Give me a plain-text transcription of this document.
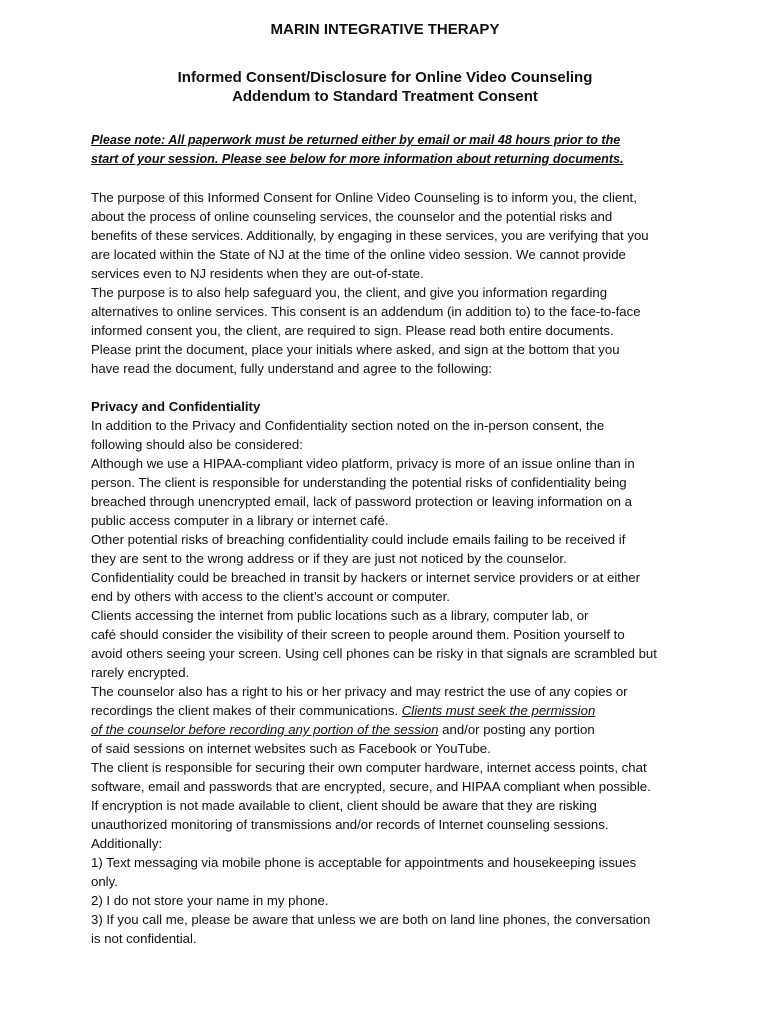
MARIN INTEGRATIVE THERAPY
Informed Consent/Disclosure for Online Video Counseling
Addendum to Standard Treatment Consent
Please note: All paperwork must be returned either by email or mail 48 hours prior to the
start of your session. Please see below for more information about returning documents.
The purpose of this Informed Consent for Online Video Counseling is to inform you, the client,
about the process of online counseling services, the counselor and the potential risks and
benefits of these services. Additionally, by engaging in these services, you are verifying that you
are located within the State of NJ at the time of the online video session. We cannot provide
services even to NJ residents when they are out-of-state.
The purpose is to also help safeguard you, the client, and give you information regarding
alternatives to online services. This consent is an addendum (in addition to) to the face-to-face
informed consent you, the client, are required to sign. Please read both entire documents.
Please print the document, place your initials where asked, and sign at the bottom that you
have read the document, fully understand and agree to the following:
Privacy and Confidentiality
In addition to the Privacy and Confidentiality section noted on the in-person consent, the
following should also be considered:
Although we use a HIPAA-compliant video platform, privacy is more of an issue online than in
person. The client is responsible for understanding the potential risks of confidentiality being
breached through unencrypted email, lack of password protection or leaving information on a
public access computer in a library or internet café.
Other potential risks of breaching confidentiality could include emails failing to be received if
they are sent to the wrong address or if they are just not noticed by the counselor.
Confidentiality could be breached in transit by hackers or internet service providers or at either
end by others with access to the client’s account or computer.
Clients accessing the internet from public locations such as a library, computer lab, or
café should consider the visibility of their screen to people around them. Position yourself to
avoid others seeing your screen. Using cell phones can be risky in that signals are scrambled but
rarely encrypted.
The counselor also has a right to his or her privacy and may restrict the use of any copies or
recordings the client makes of their communications. Clients must seek the permission
of the counselor before recording any portion of the session and/or posting any portion
of said sessions on internet websites such as Facebook or YouTube.
The client is responsible for securing their own computer hardware, internet access points, chat
software, email and passwords that are encrypted, secure, and HIPAA compliant when possible.
If encryption is not made available to client, client should be aware that they are risking
unauthorized monitoring of transmissions and/or records of Internet counseling sessions.
Additionally:
1) Text messaging via mobile phone is acceptable for appointments and housekeeping issues
only.
2) I do not store your name in my phone.
3) If you call me, please be aware that unless we are both on land line phones, the conversation
is not confidential.
